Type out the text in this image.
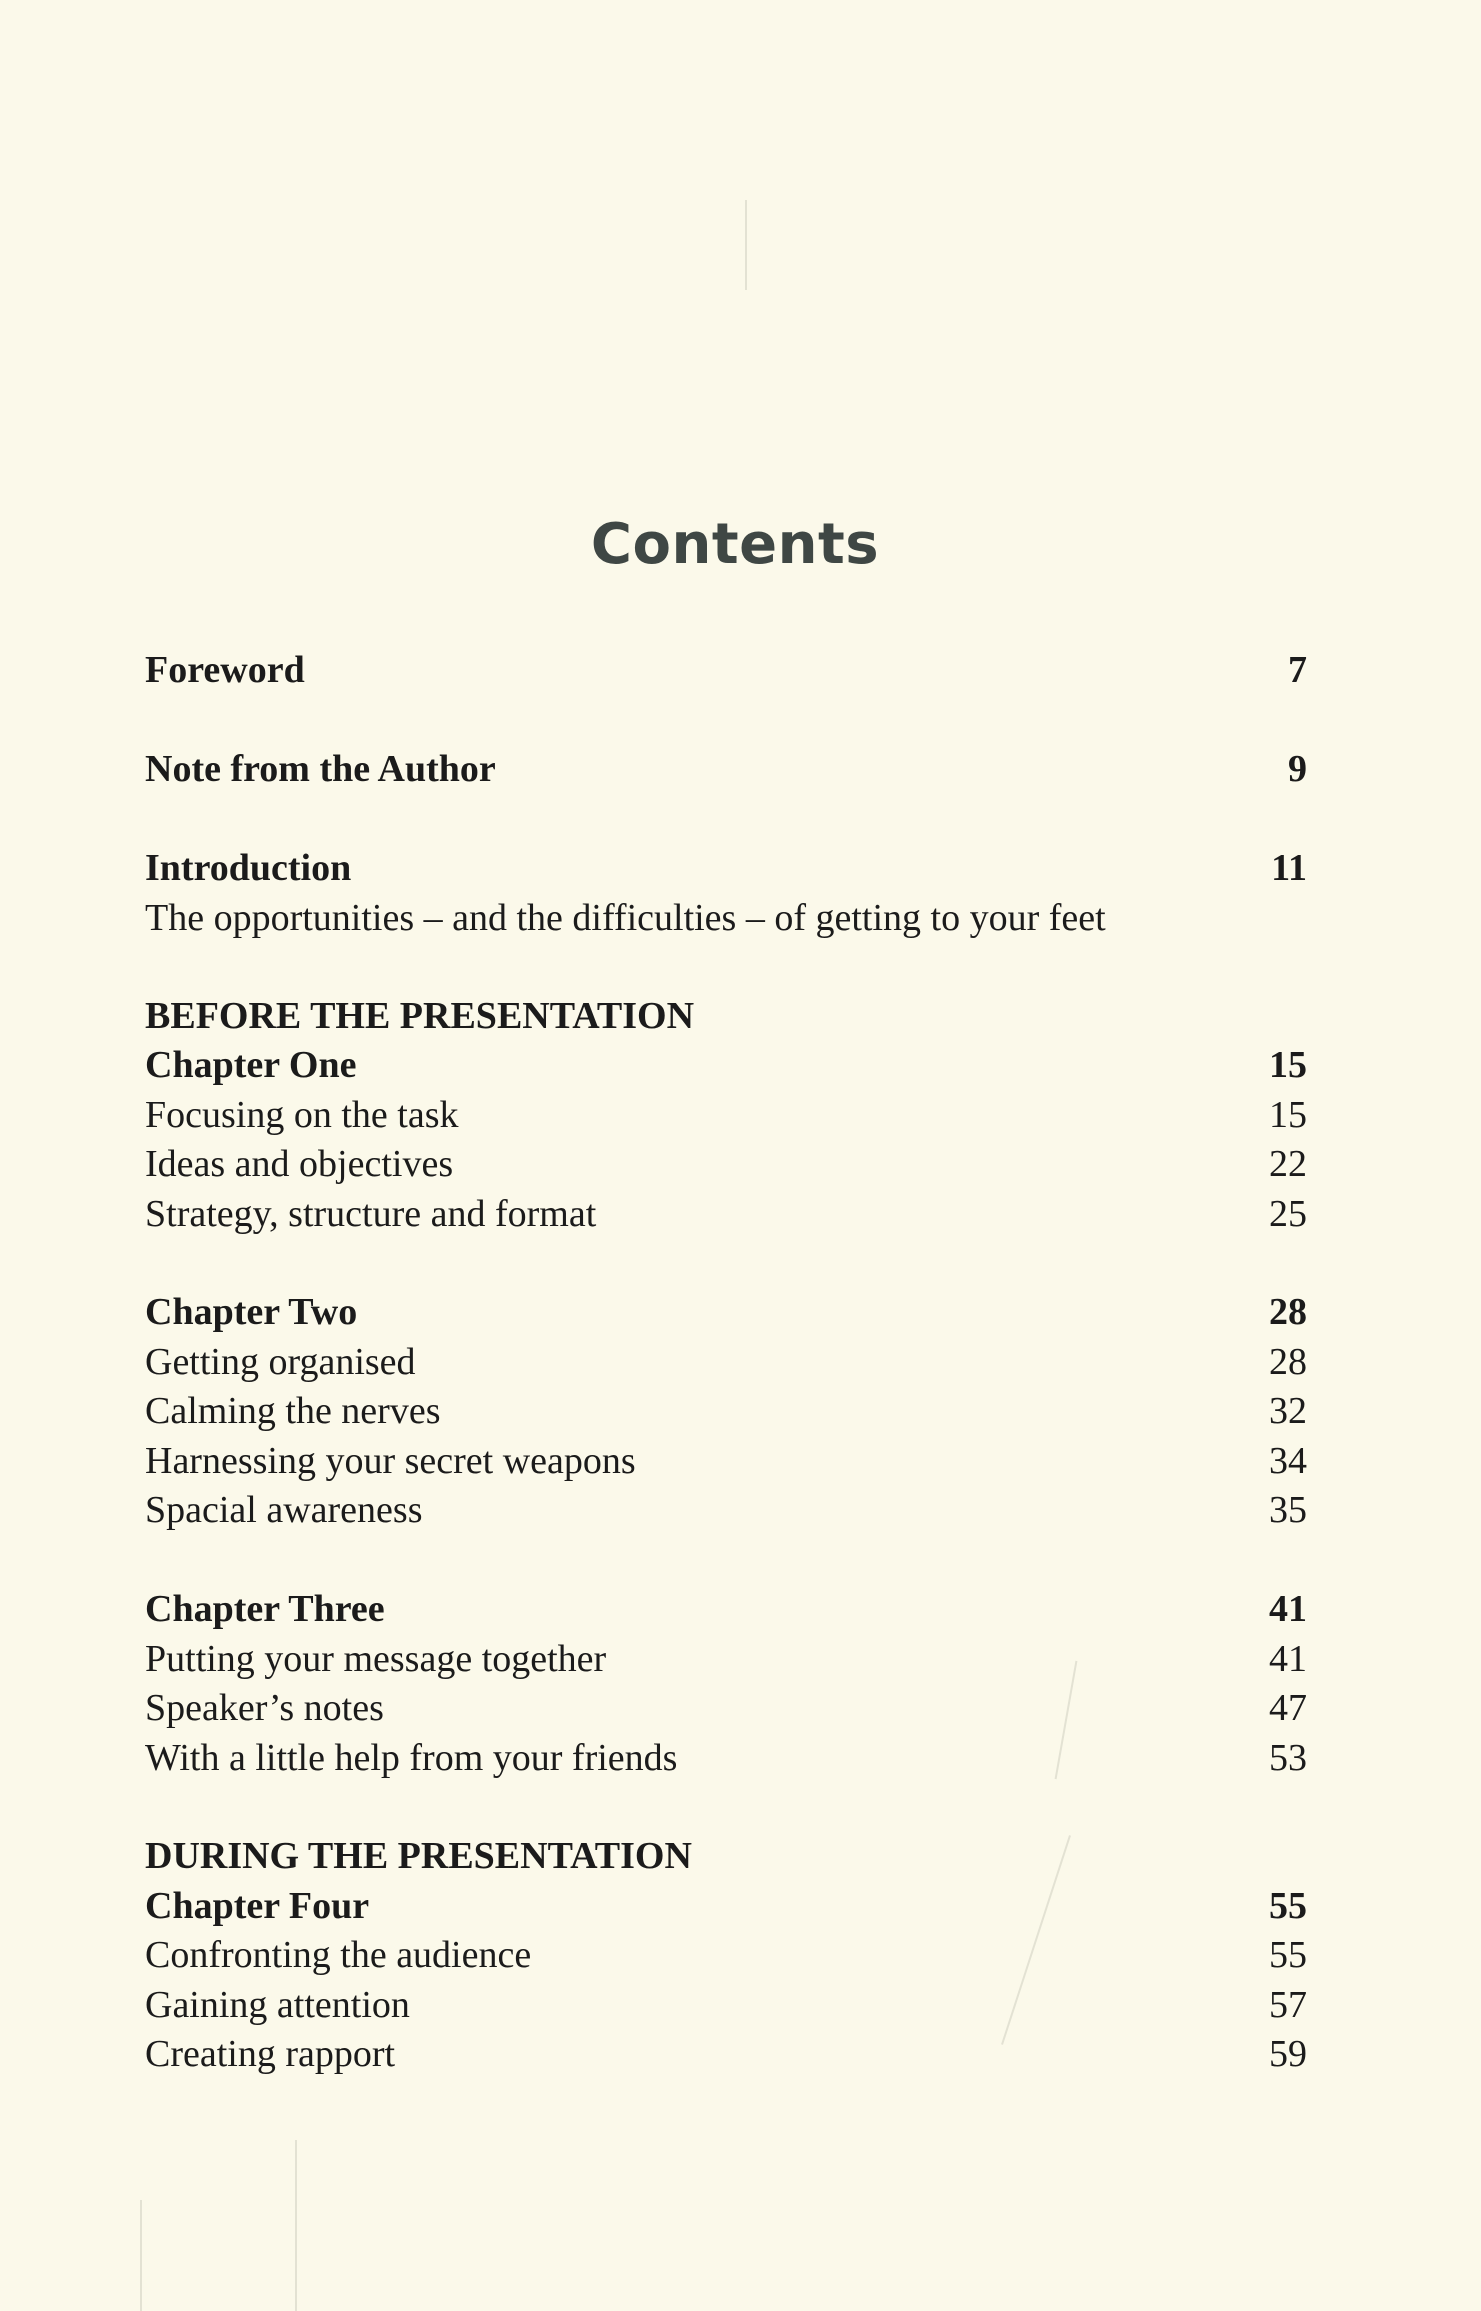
Contents
Foreword	7
Note from the Author	9
Introduction	11
The opportunities – and the difficulties – of getting to your feet
BEFORE THE PRESENTATION
Chapter One	15
Focusing on the task	15
Ideas and objectives	22
Strategy, structure and format	25
Chapter Two	28
Getting organised	28
Calming the nerves	32
Harnessing your secret weapons	34
Spacial awareness	35
Chapter Three	41
Putting your message together	41
Speaker’s notes	47
With a little help from your friends	53
DURING THE PRESENTATION
Chapter Four	55
Confronting the audience	55
Gaining attention	57
Creating rapport	59
